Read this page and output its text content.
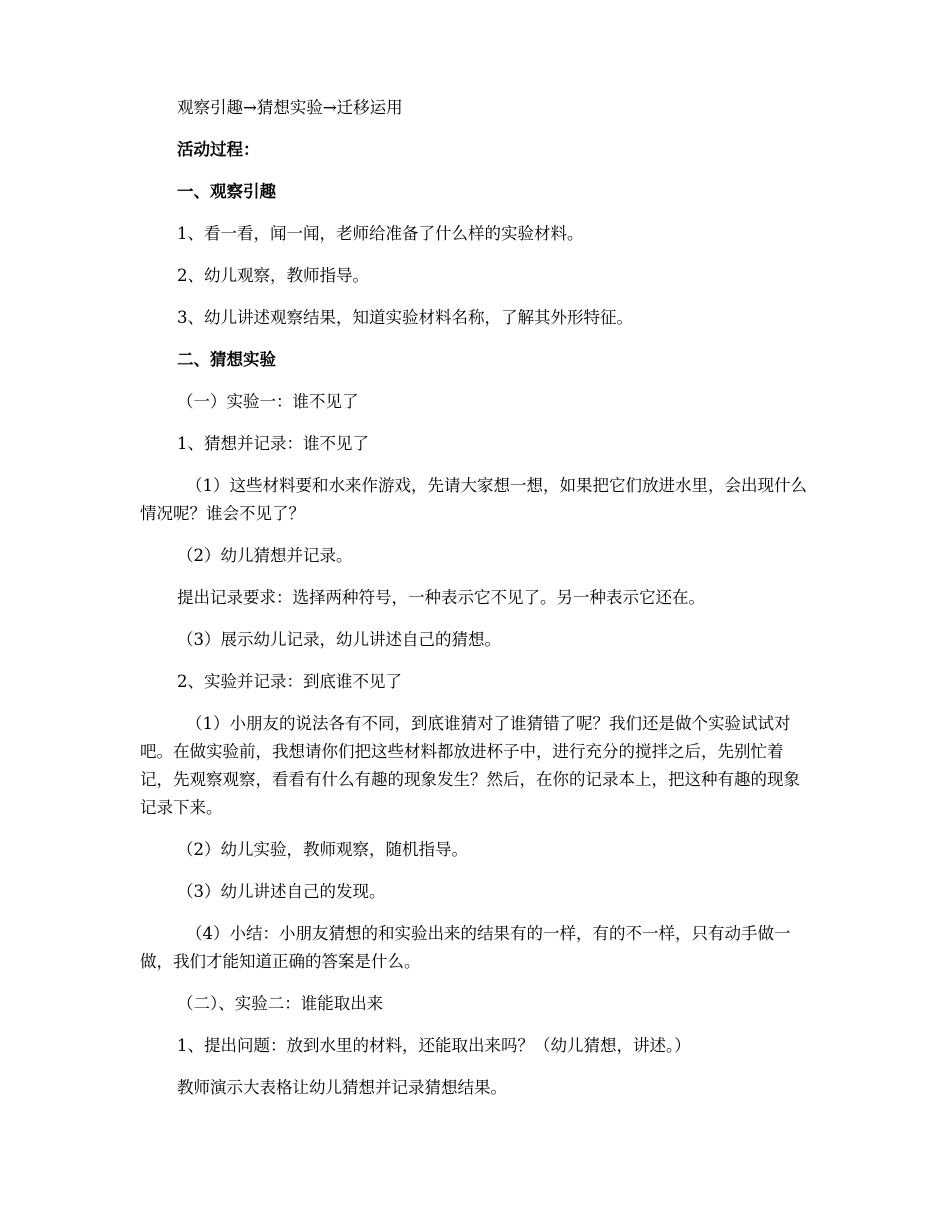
观察引趣→猜想实验→迁移运用

活动过程：

一、观察引趣

1、看一看，闻一闻，老师给准备了什么样的实验材料。

2、幼儿观察，教师指导。

3、幼儿讲述观察结果，知道实验材料名称，了解其外形特征。

二、猜想实验

（一）实验一：谁不见了

1、猜想并记录：谁不见了

（1）这些材料要和水来作游戏，先请大家想一想，如果把它们放进水里，会出现什么情况呢？谁会不见了？

（2）幼儿猜想并记录。

提出记录要求：选择两种符号，一种表示它不见了。另一种表示它还在。

（3）展示幼儿记录，幼儿讲述自己的猜想。

2、实验并记录：到底谁不见了

（1）小朋友的说法各有不同，到底谁猜对了谁猜错了呢？我们还是做个实验试试对吧。在做实验前，我想请你们把这些材料都放进杯子中，进行充分的搅拌之后，先别忙着记，先观察观察，看看有什么有趣的现象发生？然后，在你的记录本上，把这种有趣的现象记录下来。

（2）幼儿实验，教师观察，随机指导。

（3）幼儿讲述自己的发现。

（4）小结：小朋友猜想的和实验出来的结果有的一样，有的不一样，只有动手做一做，我们才能知道正确的答案是什么。

（二）、实验二：谁能取出来

1、提出问题：放到水里的材料，还能取出来吗？（幼儿猜想，讲述。）

教师演示大表格让幼儿猜想并记录猜想结果。
